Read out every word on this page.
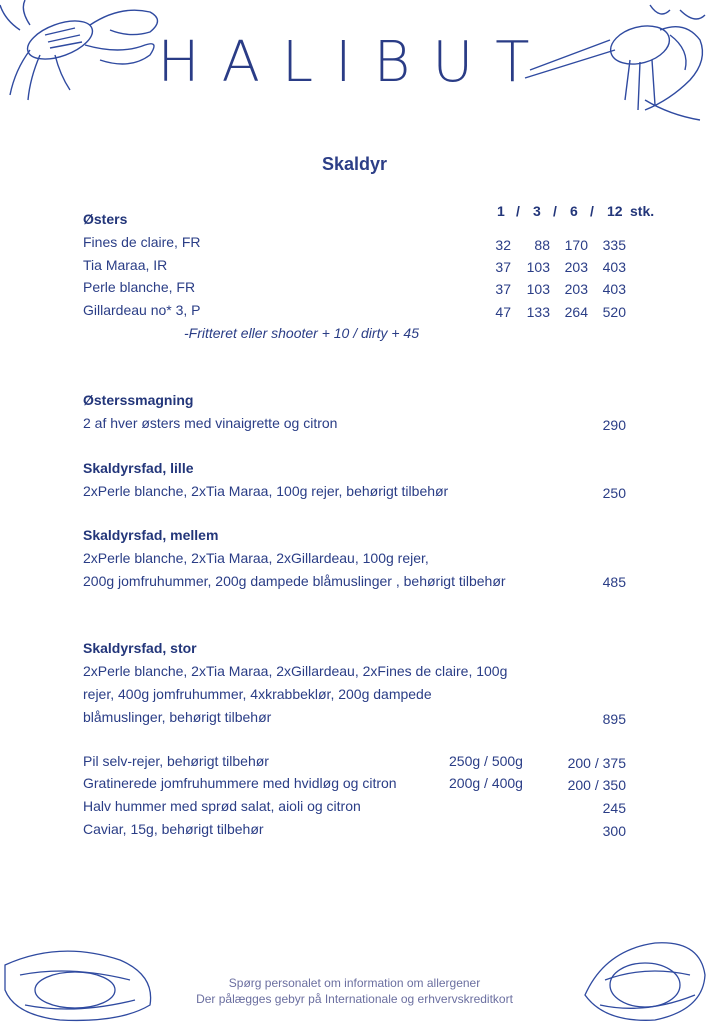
HALIBUT
Skaldyr
Østers	1 / 3 / 6 / 12 stk.
Fines de claire, FR	32	88	170	335
Tia Maraa, IR	37	103	203	403
Perle blanche, FR	37	103	203	403
Gillardeau no* 3, P	47	133	264	520
-Fritteret eller shooter + 10 / dirty + 45
Østerssmagning
2 af hver østers med vinaigrette og citron	290
Skaldyrsfad, lille
2xPerle blanche, 2xTia Maraa, 100g rejer, behørigt tilbehør	250
Skaldyrsfad, mellem
2xPerle blanche, 2xTia Maraa, 2xGillardeau, 100g rejer,
200g jomfruhummer, 200g dampede blåmuslinger , behørigt tilbehør	485
Skaldyrsfad, stor
2xPerle blanche, 2xTia Maraa, 2xGillardeau, 2xFines de claire, 100g
rejer, 400g jomfruhummer, 4xkrabbeklør, 200g dampede
blåmuslinger, behørigt tilbehør	895
Pil selv-rejer, behørigt tilbehør	250g / 500g	200 / 375
Gratinerede jomfruhummere med hvidløg og citron	200g / 400g	200 / 350
Halv hummer med sprød salat, aioli og citron	245
Caviar, 15g, behørigt tilbehør	300
Spørg personalet om information om allergener
Der pålægges gebyr på Internationale og erhvervskreditkort
